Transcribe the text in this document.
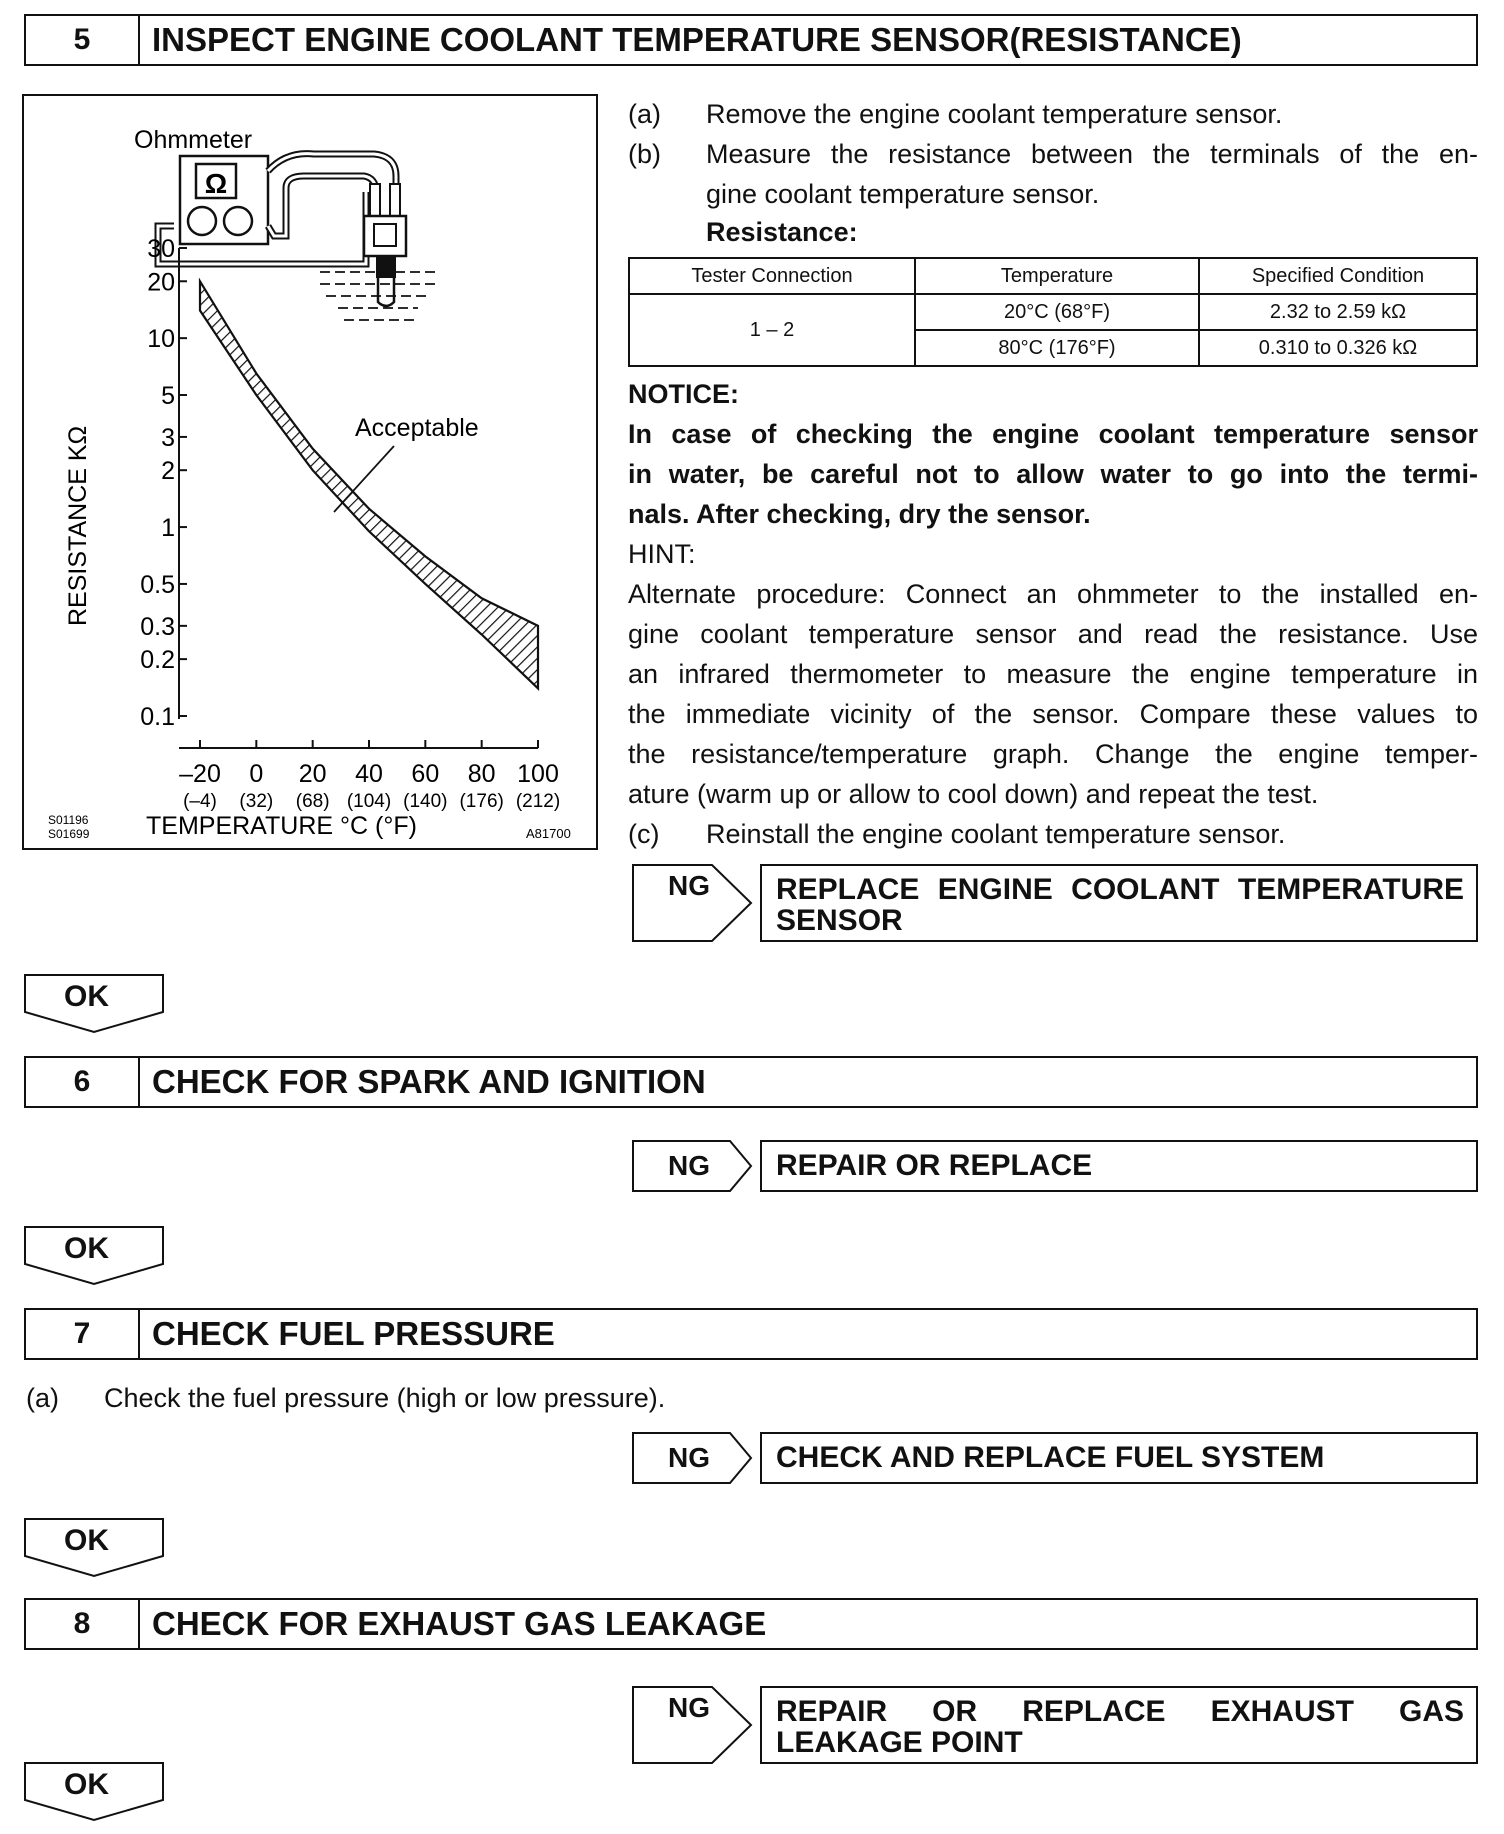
5	INSPECT ENGINE COOLANT TEMPERATURE SENSOR(RESISTANCE)
Ω
Ohmmeter
30
20
10
5
3
2
1
0.5
0.3
0.2
0.1
–20
(–4)
0
(32)
20
(68)
40
(104)
60
(140)
80
(176)
100
(212)
Acceptable
RESISTANCE KΩ
TEMPERATURE °C (°F)
S01196
S01699	A81700
(a) Remove the engine coolant temperature sensor.
(b) Measure the resistance between the terminals of the en-
gine coolant temperature sensor.
Resistance:
Tester Connection	Temperature	Specified Condition
1 – 2	20°C (68°F)	2.32 to 2.59 kΩ
	80°C (176°F)	0.310 to 0.326 kΩ
NOTICE:
In case of checking the engine coolant temperature sensor
in water, be careful not to allow water to go into the termi-
nals. After checking, dry the sensor.
HINT:
Alternate procedure: Connect an ohmmeter to the installed en-
gine coolant temperature sensor and read the resistance. Use
an infrared thermometer to measure the engine temperature in
the immediate vicinity of the sensor. Compare these values to
the resistance/temperature graph. Change the engine temper-
ature (warm up or allow to cool down) and repeat the test.
(c) Reinstall the engine coolant temperature sensor.
NG REPLACE ENGINE COOLANT TEMPERATURE
SENSOR
OK
6	CHECK FOR SPARK AND IGNITION
NG REPAIR OR REPLACE
OK
7	CHECK FUEL PRESSURE
(a) Check the fuel pressure (high or low pressure).
NG CHECK AND REPLACE FUEL SYSTEM
OK
8	CHECK FOR EXHAUST GAS LEAKAGE
NG REPAIR OR REPLACE EXHAUST GAS
LEAKAGE POINT
OK
